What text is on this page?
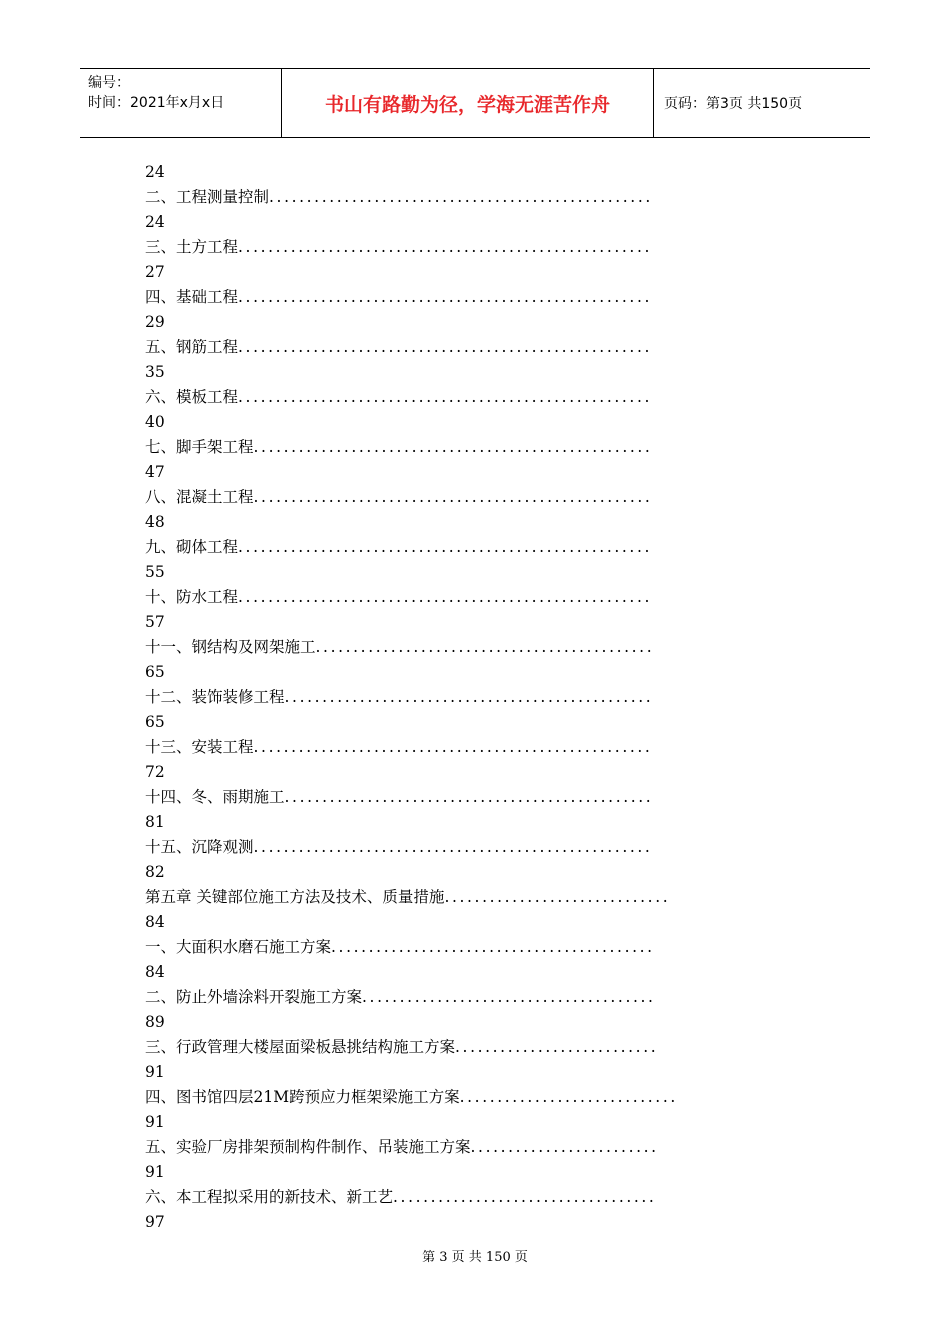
编号：
时间：2021年x月x日	书山有路勤为径，学海无涯苦作舟	页码：第3页 共150页
24
二、工程测量控制...................................................
24
三、土方工程.......................................................
27
四、基础工程.......................................................
29
五、钢筋工程.......................................................
35
六、模板工程.......................................................
40
七、脚手架工程.....................................................
47
八、混凝土工程.....................................................
48
九、砌体工程.......................................................
55
十、防水工程.......................................................
57
十一、钢结构及网架施工.............................................
65
十二、装饰装修工程.................................................
65
十三、安装工程.....................................................
72
十四、冬、雨期施工.................................................
81
十五、沉降观测.....................................................
82
第五章 关键部位施工方法及技术、质量措施..............................
84
一、大面积水磨石施工方案...........................................
84
二、防止外墙涂料开裂施工方案.......................................
89
三、行政管理大楼屋面梁板悬挑结构施工方案...........................
91
四、图书馆四层21M跨预应力框架梁施工方案.............................
91
五、实验厂房排架预制构件制作、吊装施工方案.........................
91
六、本工程拟采用的新技术、新工艺...................................
97
第 3 页 共 150 页
